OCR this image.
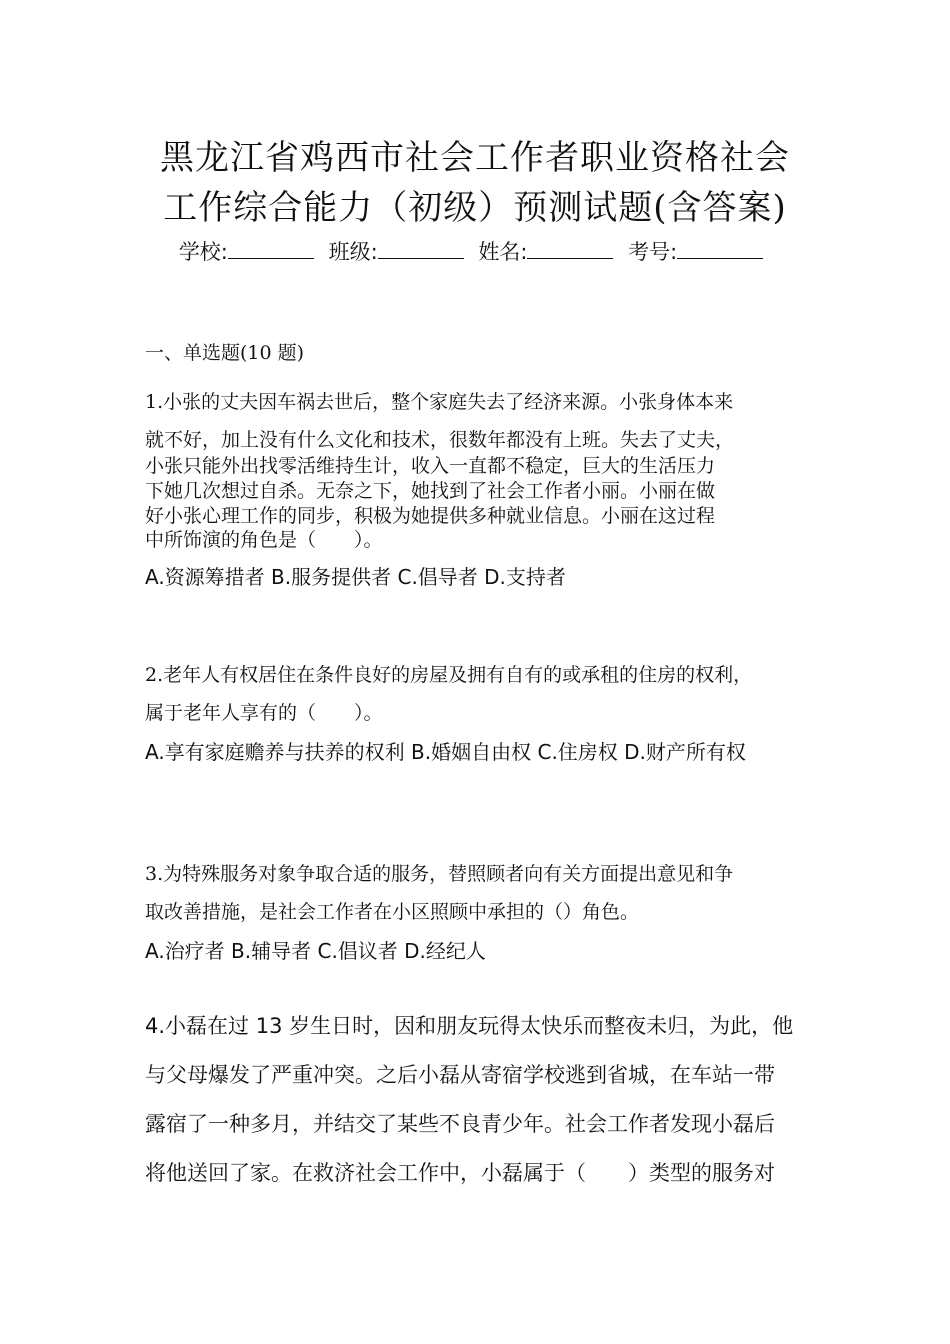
黑龙江省鸡西市社会工作者职业资格社会
工作综合能力（初级）预测试题(含答案)
学校:	班级:	姓名:	考号:
一、单选题(10 题)
1.小张的丈夫因车祸去世后，整个家庭失去了经济来源。小张身体本来
就不好，加上没有什么文化和技术，很数年都没有上班。失去了丈夫，
小张只能外出找零活维持生计，收入一直都不稳定，巨大的生活压力
下她几次想过自杀。无奈之下，她找到了社会工作者小丽。小丽在做
好小张心理工作的同步，积极为她提供多种就业信息。小丽在这过程
中所饰演的角色是（　　）。
A.资源筹措者 B.服务提供者 C.倡导者 D.支持者
2.老年人有权居住在条件良好的房屋及拥有自有的或承租的住房的权利，
属于老年人享有的（　　）。
A.享有家庭赡养与扶养的权利 B.婚姻自由权 C.住房权 D.财产所有权
3.为特殊服务对象争取合适的服务，替照顾者向有关方面提出意见和争
取改善措施，是社会工作者在小区照顾中承担的（）角色。
A.治疗者 B.辅导者 C.倡议者 D.经纪人
4.小磊在过 13 岁生日时，因和朋友玩得太快乐而整夜未归，为此，他
与父母爆发了严重冲突。之后小磊从寄宿学校逃到省城，在车站一带
露宿了一种多月，并结交了某些不良青少年。社会工作者发现小磊后
将他送回了家。在救济社会工作中，小磊属于（　　）类型的服务对
